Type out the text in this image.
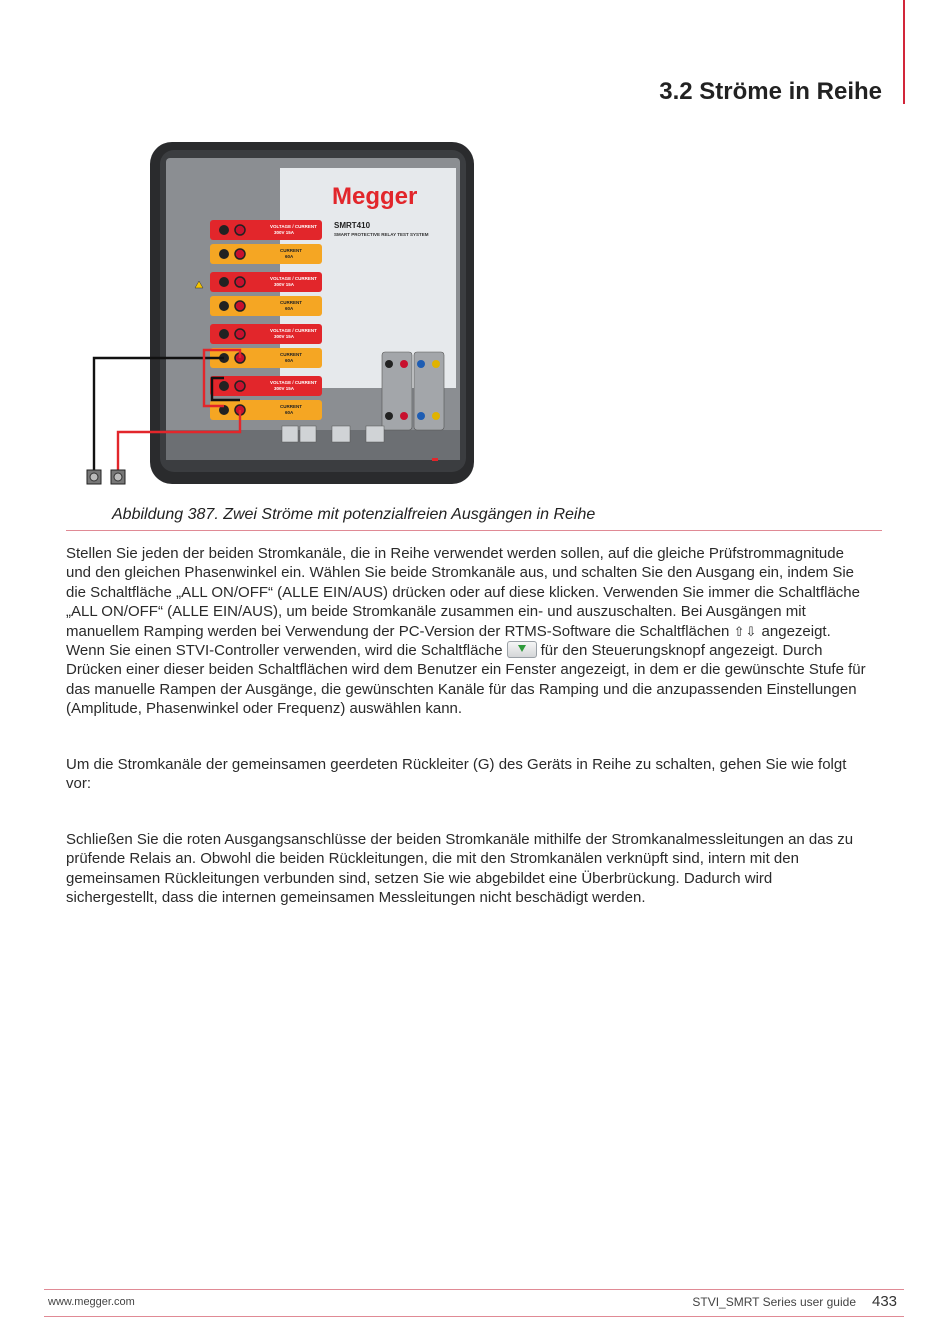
3.2 Ströme in Reihe
Megger
SMRT410
SMART PROTECTIVE RELAY TEST SYSTEM
VOLTAGE / CURRENT
300V 15A
CURRENT
60A
VOLTAGE / CURRENT
300V 15A
CURRENT
60A
VOLTAGE / CURRENT
300V 15A
CURRENT
60A
VOLTAGE / CURRENT
300V 15A
CURRENT
60A
Abbildung 387. Zwei Ströme mit potenzialfreien Ausgängen in Reihe
Stellen Sie jeden der beiden Stromkanäle, die in Reihe verwendet werden sollen, auf die gleiche Prüfstrommagnitude und den gleichen Phasenwinkel ein. Wählen Sie beide Stromkanäle aus, und schalten Sie den Ausgang ein, indem Sie die Schaltfläche „ALL ON/OFF“ (ALLE EIN/AUS) drücken oder auf diese klicken. Verwenden Sie immer die Schaltfläche „ALL ON/OFF“ (ALLE EIN/AUS), um beide Stromkanäle zusammen ein- und auszuschalten. Bei Ausgängen mit manuellem Ramping werden bei Verwendung der PC-Version der RTMS-Software die Schaltflächen ⇧⇩ angezeigt. Wenn Sie einen STVI-Controller verwenden, wird die Schaltfläche	für den Steuerungsknopf angezeigt. Durch Drücken einer dieser beiden Schaltflächen wird dem Benutzer ein Fenster angezeigt, in dem er die gewünschte Stufe für das manuelle Rampen der Ausgänge, die gewünschten Kanäle für das Ramping und die anzupassenden Einstellungen (Amplitude, Phasenwinkel oder Frequenz) auswählen kann.
Um die Stromkanäle der gemeinsamen geerdeten Rückleiter (G) des Geräts in Reihe zu schalten, gehen Sie wie folgt vor:
Schließen Sie die roten Ausgangsanschlüsse der beiden Stromkanäle mithilfe der Stromkanalmessleitungen an das zu prüfende Relais an. Obwohl die beiden Rückleitungen, die mit den Stromkanälen verknüpft sind, intern mit den gemeinsamen Rückleitungen verbunden sind, setzen Sie wie abgebildet eine Überbrückung. Dadurch wird sichergestellt, dass die internen gemeinsamen Messleitungen nicht beschädigt werden.
www.megger.com	STVI_SMRT Series user guide 433
